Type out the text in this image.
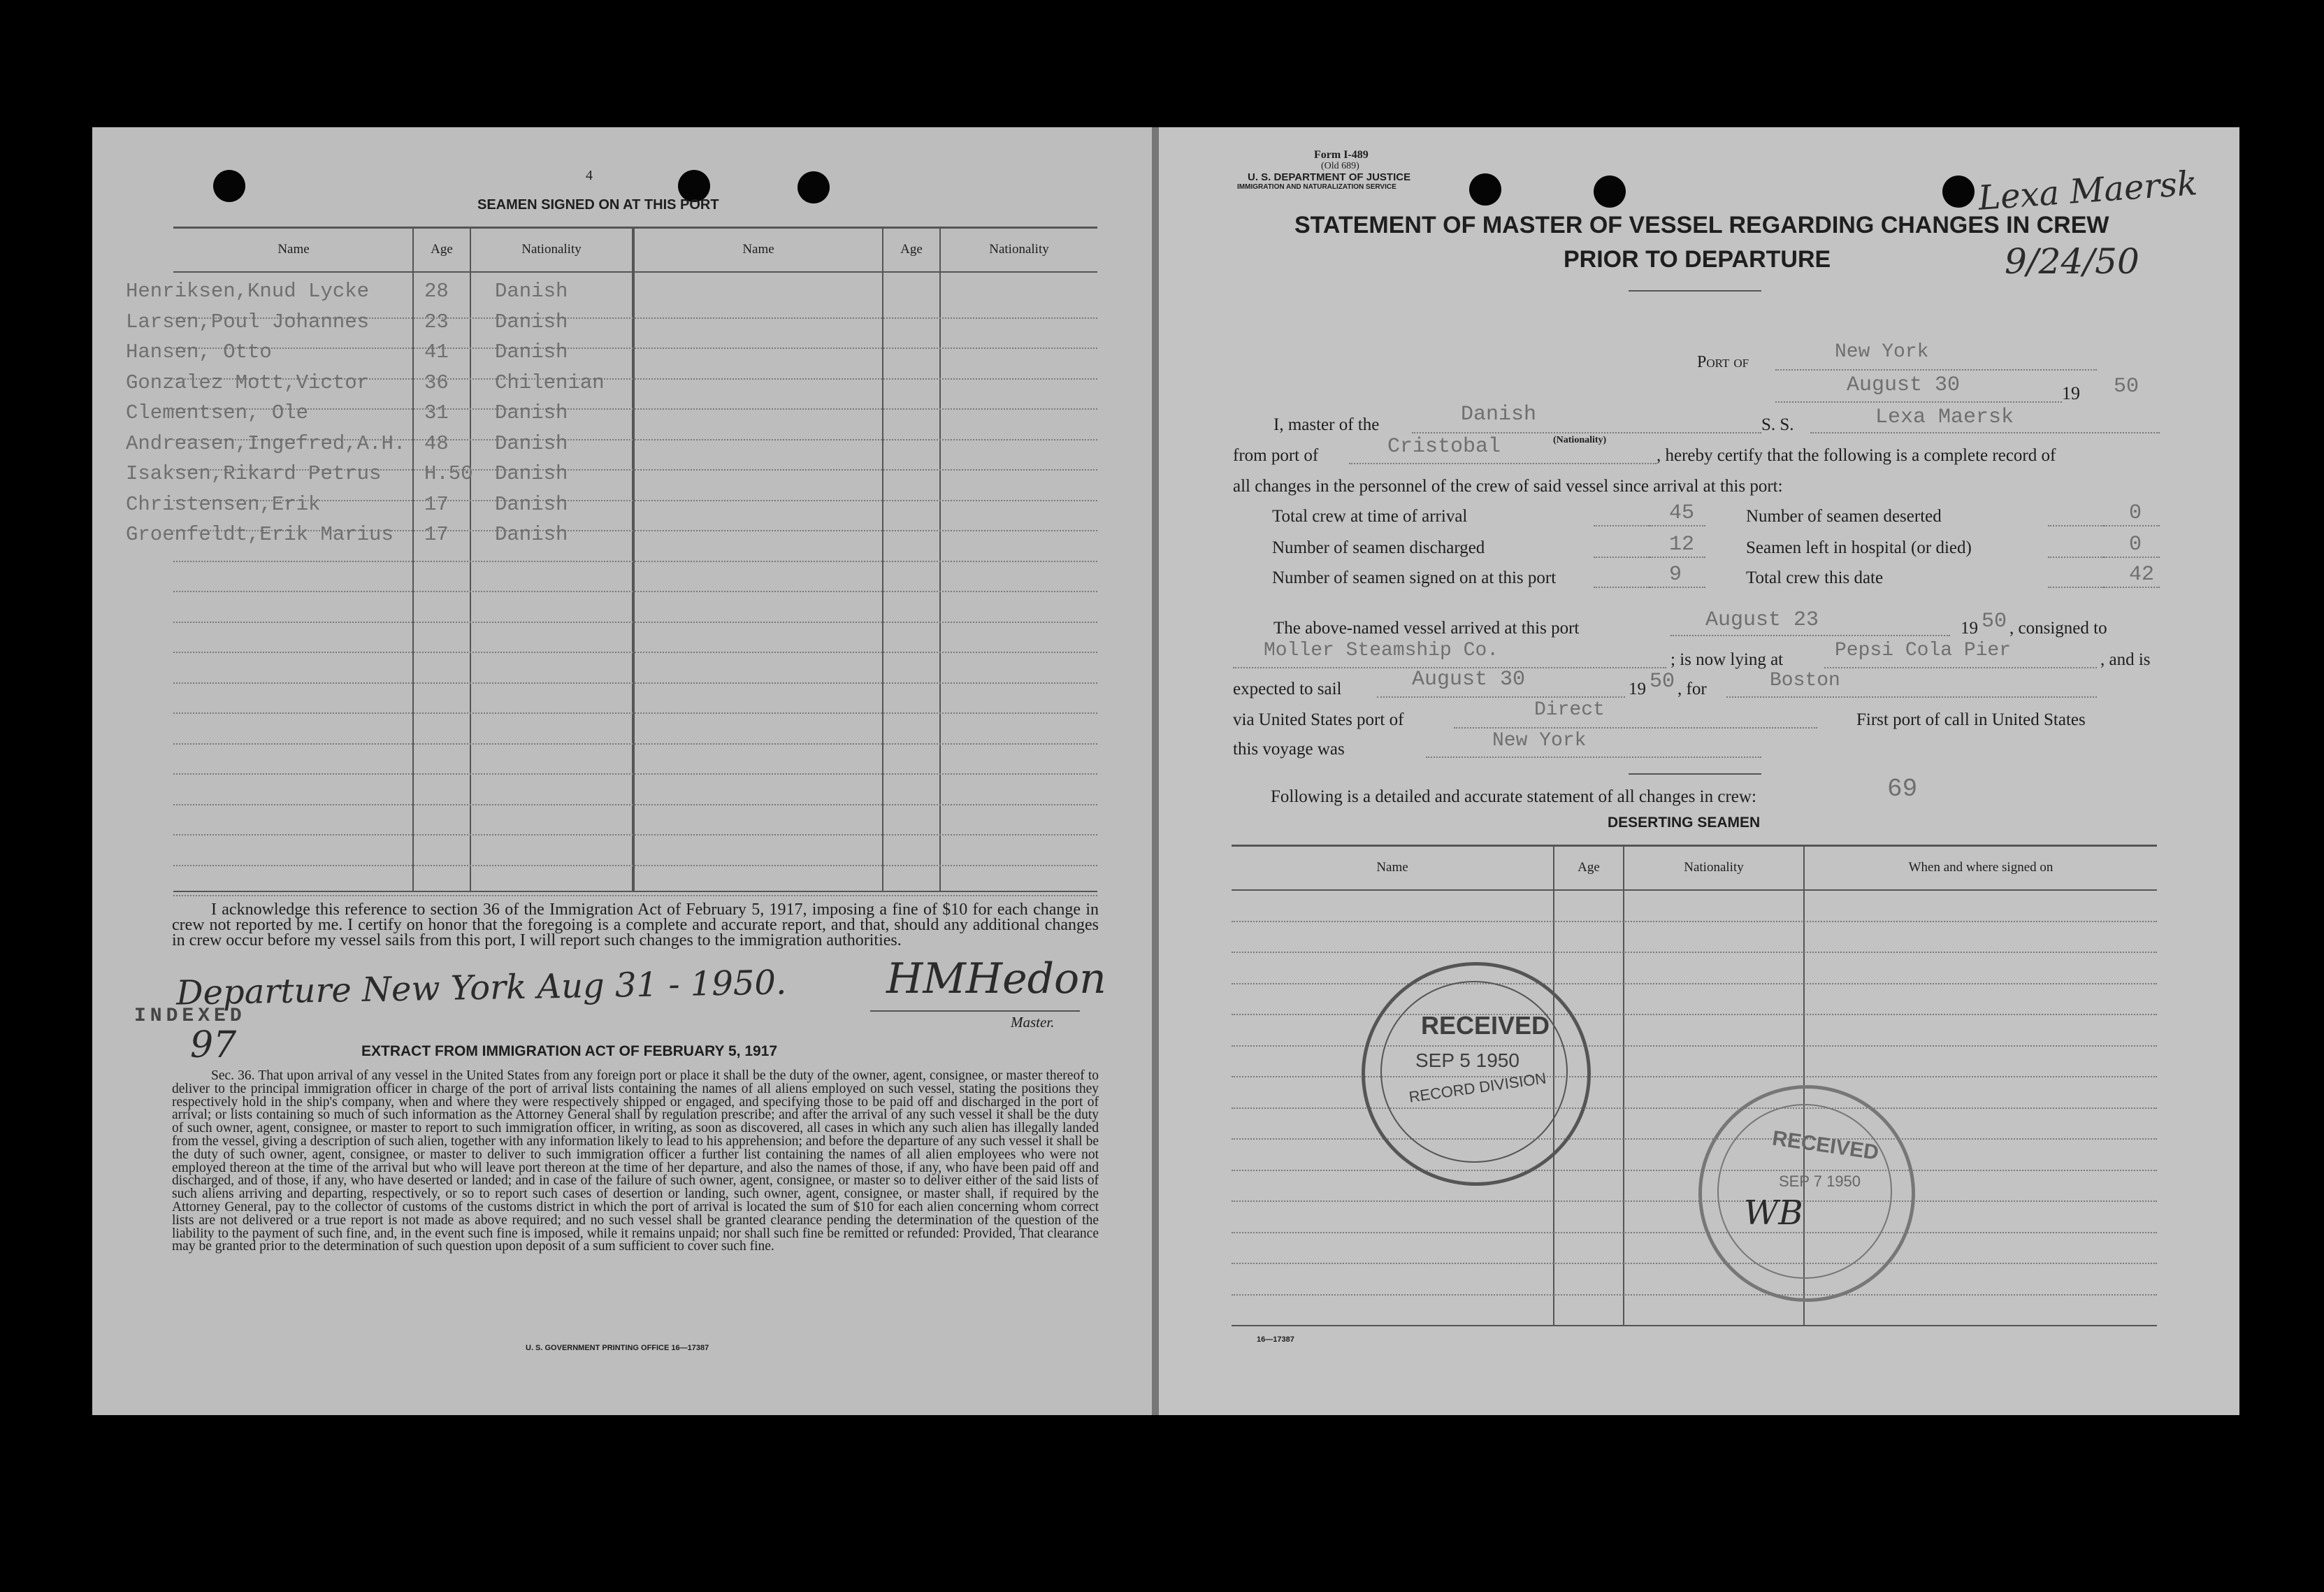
4
SEAMEN SIGNED ON AT THIS PORT
Name	Age	Nationality	Name	Age	Nationality
Henriksen,Knud Lycke	28 Danish
Larsen,Poul Johannes	23 Danish
Hansen, Otto	41 Danish
Gonzalez Mott,Victor	36 Chilenian
Clementsen, Ole	31 Danish
Andreasen,Ingefred,A.H. 48 Danish
Isaksen,Rikard Petrus H.50 Danish
Christensen,Erik	17 Danish
Groenfeldt,Erik Marius 17 Danish
I acknowledge this reference to section 36 of the Immigration Act of February 5, 1917, imposing a fine of $10 for each change in crew not reported by me. I certify on honor that the foregoing is a complete and accurate report, and that, should any additional changes in crew occur before my vessel sails from this port, I will report such changes to the immigration authorities.
Departure New York Aug 31 - 1950. HMHedon
Master.
INDEXED
97	EXTRACT FROM IMMIGRATION ACT OF FEBRUARY 5, 1917
Sec. 36. That upon arrival of any vessel in the United States from any foreign port or place it shall be the duty of the owner, agent, consignee, or master thereof to deliver to the principal immigration officer in charge of the port of arrival lists containing the names of all aliens employed on such vessel, stating the positions they respectively hold in the ship's company, when and where they were respectively shipped or engaged, and specifying those to be paid off and discharged in the port of arrival; or lists containing so much of such information as the Attorney General shall by regulation prescribe; and after the arrival of any such vessel it shall be the duty of such owner, agent, consignee, or master to report to such immigration officer, in writing, as soon as discovered, all cases in which any such alien has illegally landed from the vessel, giving a description of such alien, together with any information likely to lead to his apprehension; and before the departure of any such vessel it shall be the duty of such owner, agent, consignee, or master to deliver to such immigration officer a further list containing the names of all alien employees who were not employed thereon at the time of the arrival but who will leave port thereon at the time of her departure, and also the names of those, if any, who have been paid off and discharged, and of those, if any, who have deserted or landed; and in case of the failure of such owner, agent, consignee, or master so to deliver either of the said lists of such aliens arriving and departing, respectively, or so to report such cases of desertion or landing, such owner, agent, consignee, or master shall, if required by the Attorney General, pay to the collector of customs of the customs district in which the port of arrival is located the sum of $10 for each alien concerning whom correct lists are not delivered or a true report is not made as above required; and no such vessel shall be granted clearance pending the determination of the question of the liability to the payment of such fine, and, in the event such fine is imposed, while it remains unpaid; nor shall such fine be remitted or refunded: Provided, That clearance may be granted prior to the determination of such question upon deposit of a sum sufficient to cover such fine.
U. S. GOVERNMENT PRINTING OFFICE 16—17387
Form I-489
(Old 689)
U. S. DEPARTMENT OF JUSTICE
IMMIGRATION AND NATURALIZATION SERVICE	Lexa Maersk
9/24/50
STATEMENT OF MASTER OF VESSEL REGARDING CHANGES IN CREW
PRIOR TO DEPARTURE
Port of	New York
August 30	19 50
I, master of the	Danish
(Nationality)
S. S.	Lexa Maersk
from port of	Cristobal	, hereby certify that the following is a complete record of
all changes in the personnel of the crew of said vessel since arrival at this port:
Total crew at time of arrival	45
Number of seamen discharged	12
Number of seamen signed on at this port	9
Number of seamen deserted	0
Seamen left in hospital (or died)	0
Total crew this date	42
The above-named vessel arrived at this port	August 23	19 50 , consigned to
Moller Steamship Co.	; is now lying at	Pepsi Cola Pier	, and is
expected to sail	August 30	19 50 , for	Boston
via United States port of	Direct	First port of call in United States
this voyage was	New York
Following is a detailed and accurate statement of all changes in crew:	69
DESERTING SEAMEN
Name	Age	Nationality	When and where signed on
RECEIVED
SEP 5 1950
RECORD DIVISION
RECEIVED
SEP 7 1950
WB
16—17387
